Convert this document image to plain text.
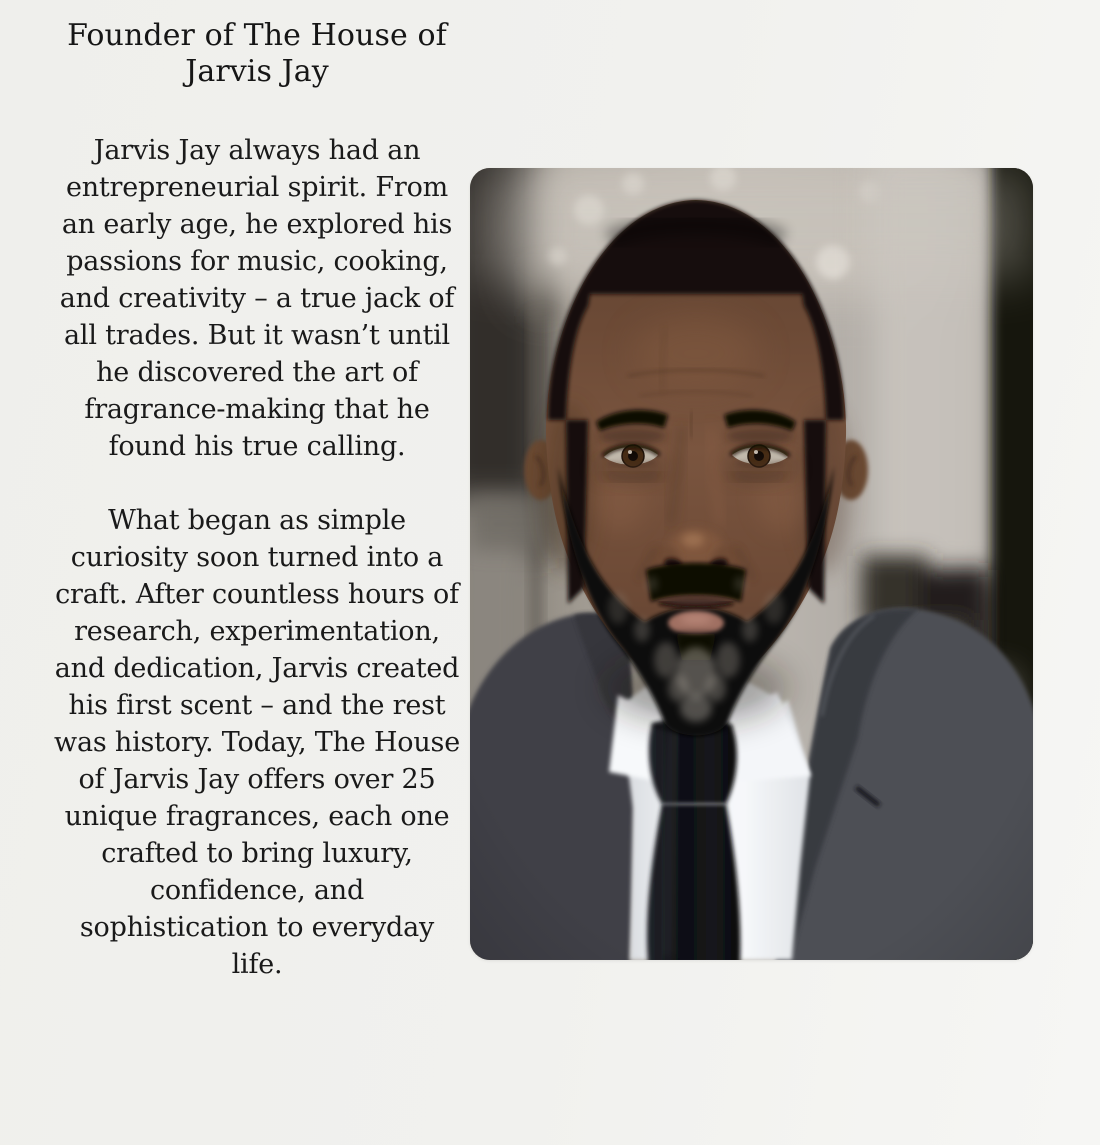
Founder of The House of Jarvis Jay

Jarvis Jay always had an entrepreneurial spirit. From an early age, he explored his passions for music, cooking, and creativity – a true jack of all trades. But it wasn’t until he discovered the art of fragrance-making that he found his true calling.

What began as simple curiosity soon turned into a craft. After countless hours of research, experimentation, and dedication, Jarvis created his first scent – and the rest was history. Today, The House of Jarvis Jay offers over 25 unique fragrances, each one crafted to bring luxury, confidence, and sophistication to everyday life.
